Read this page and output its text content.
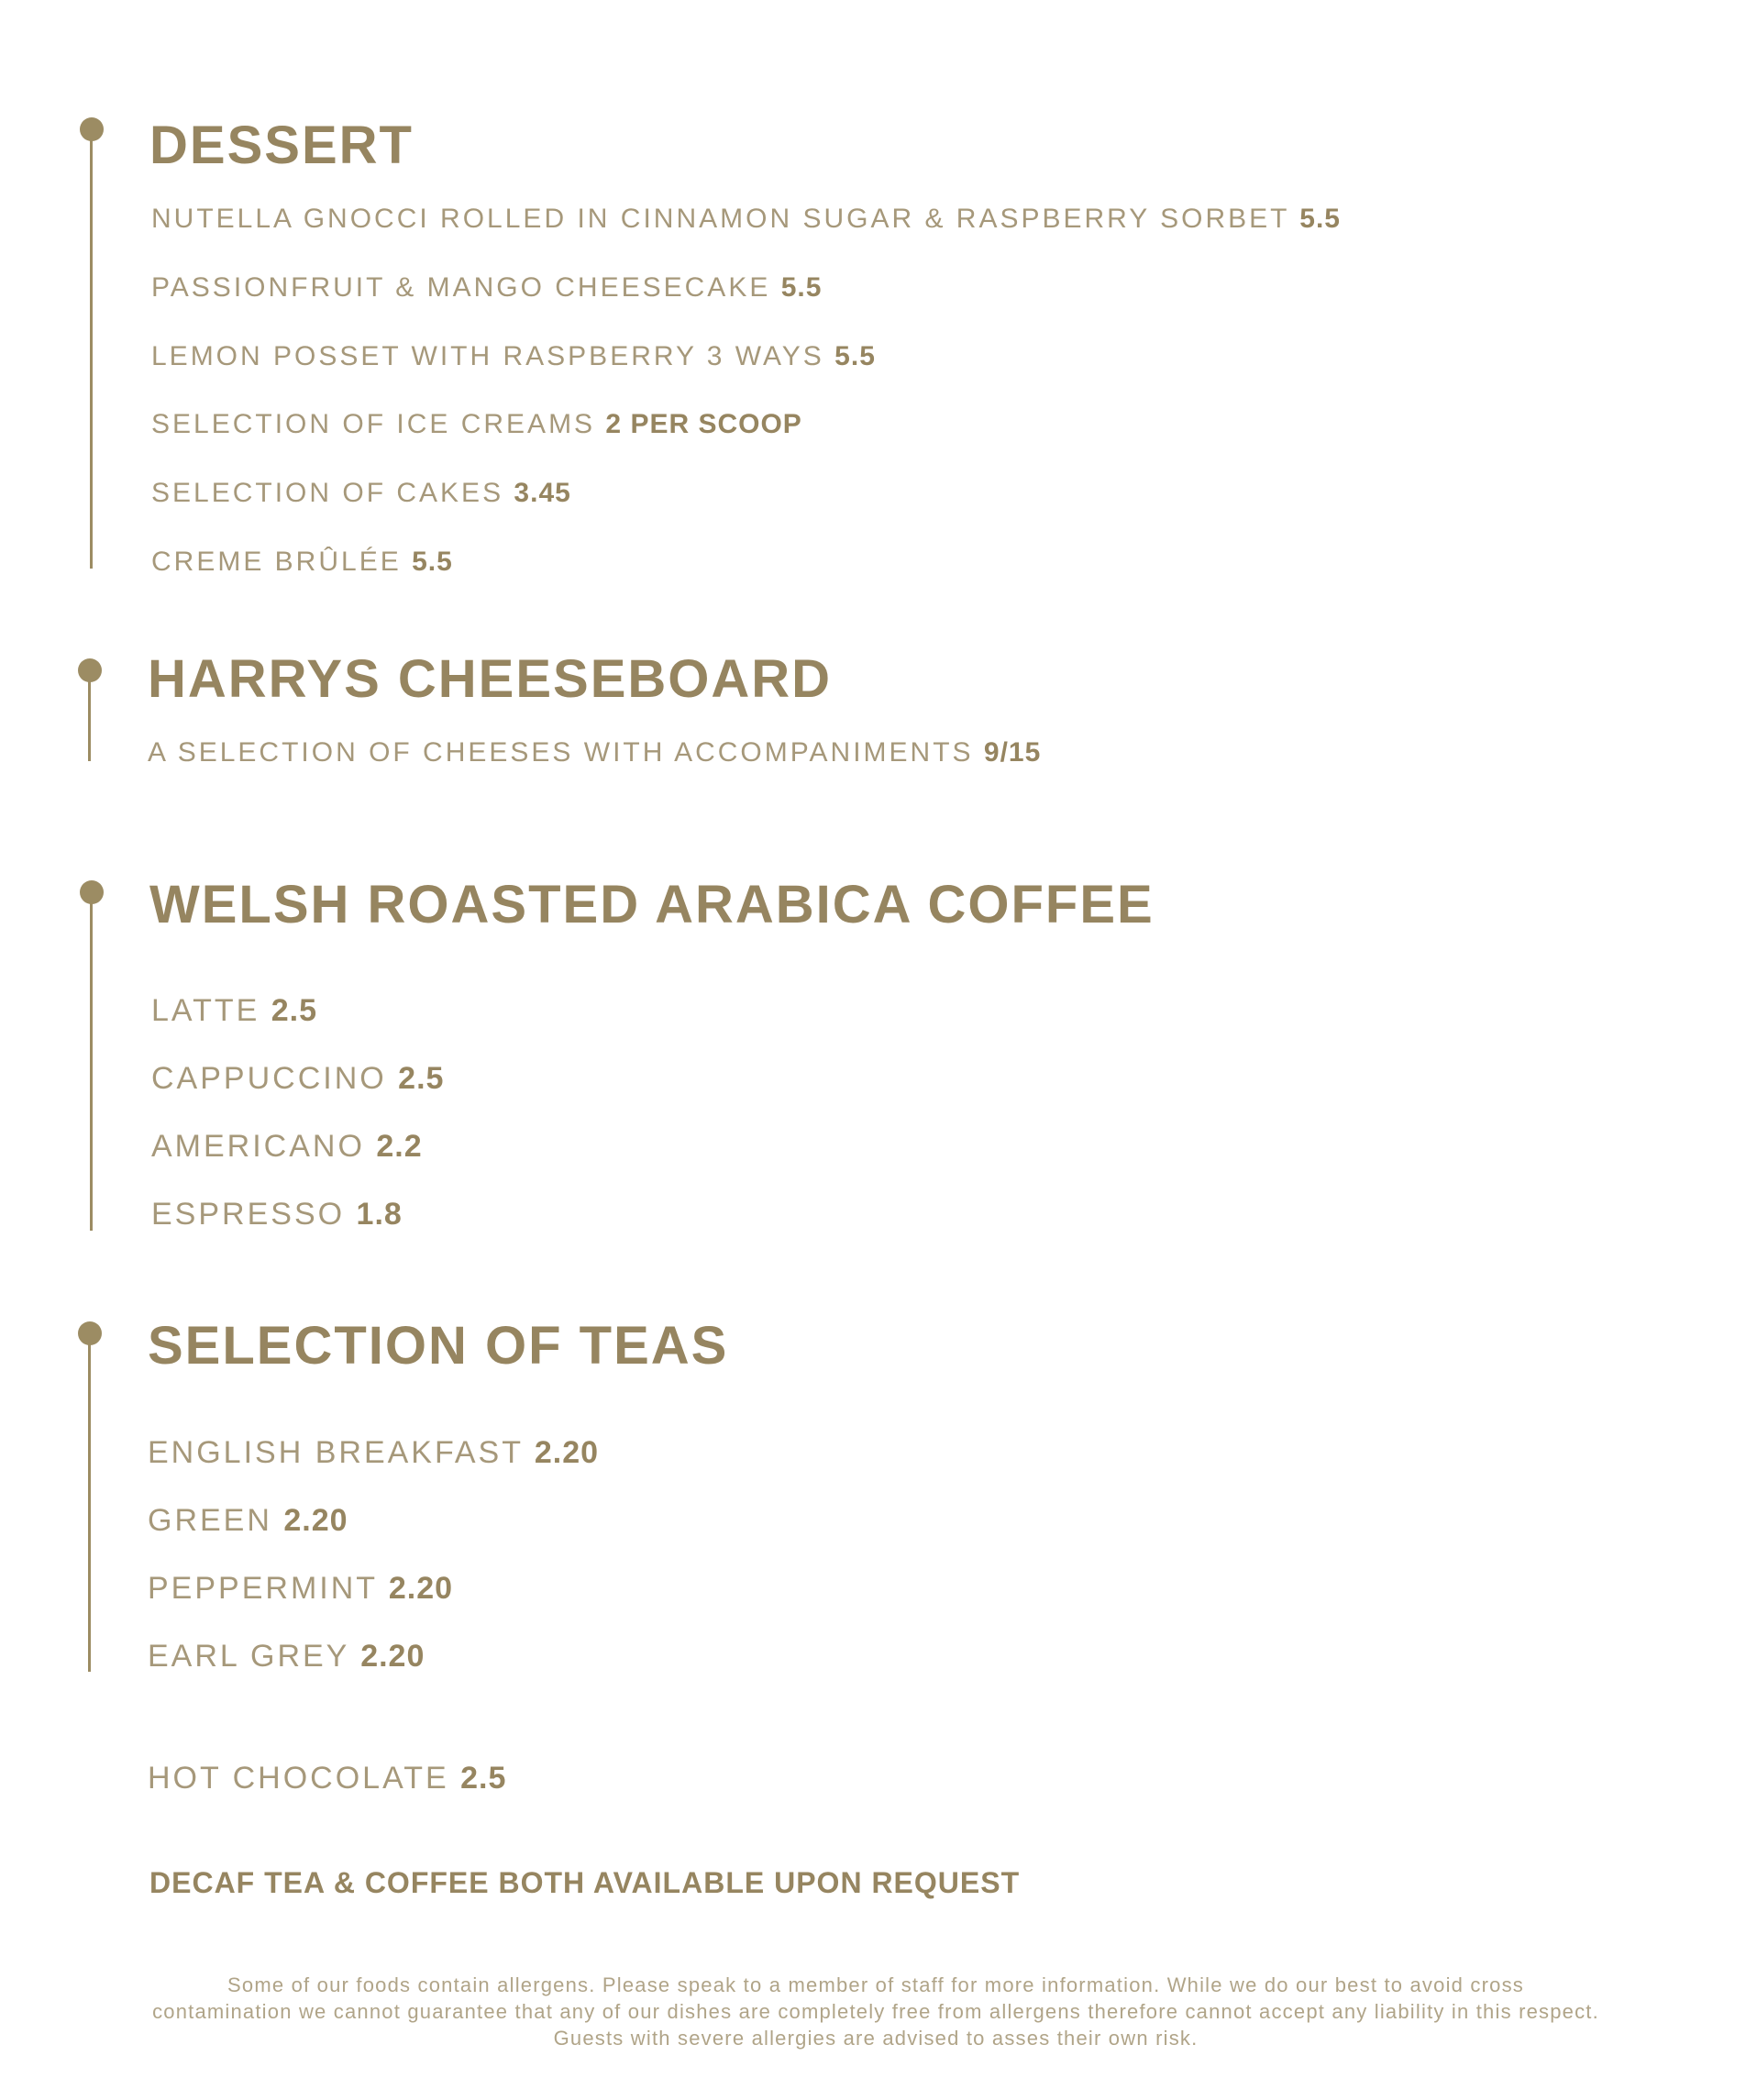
DESSERT
NUTELLA GNOCCI ROLLED IN CINNAMON SUGAR & RASPBERRY SORBET 5.5
PASSIONFRUIT & MANGO CHEESECAKE 5.5
LEMON POSSET WITH RASPBERRY 3 WAYS 5.5
SELECTION OF ICE CREAMS 2 PER SCOOP
SELECTION OF CAKES 3.45
CREME BRÛLÉE 5.5
HARRYS CHEESEBOARD
A SELECTION OF CHEESES WITH ACCOMPANIMENTS 9/15
WELSH ROASTED ARABICA COFFEE
LATTE 2.5
CAPPUCCINO 2.5
AMERICANO 2.2
ESPRESSO 1.8
SELECTION OF TEAS
ENGLISH BREAKFAST 2.20
GREEN 2.20
PEPPERMINT 2.20
EARL GREY 2.20
HOT CHOCOLATE 2.5
DECAF TEA & COFFEE BOTH AVAILABLE UPON REQUEST
Some of our foods contain allergens. Please speak to a member of staff for more information. While we do our best to avoid cross
contamination we cannot guarantee that any of our dishes are completely free from allergens therefore cannot accept any liability in this respect.
Guests with severe allergies are advised to asses their own risk.
